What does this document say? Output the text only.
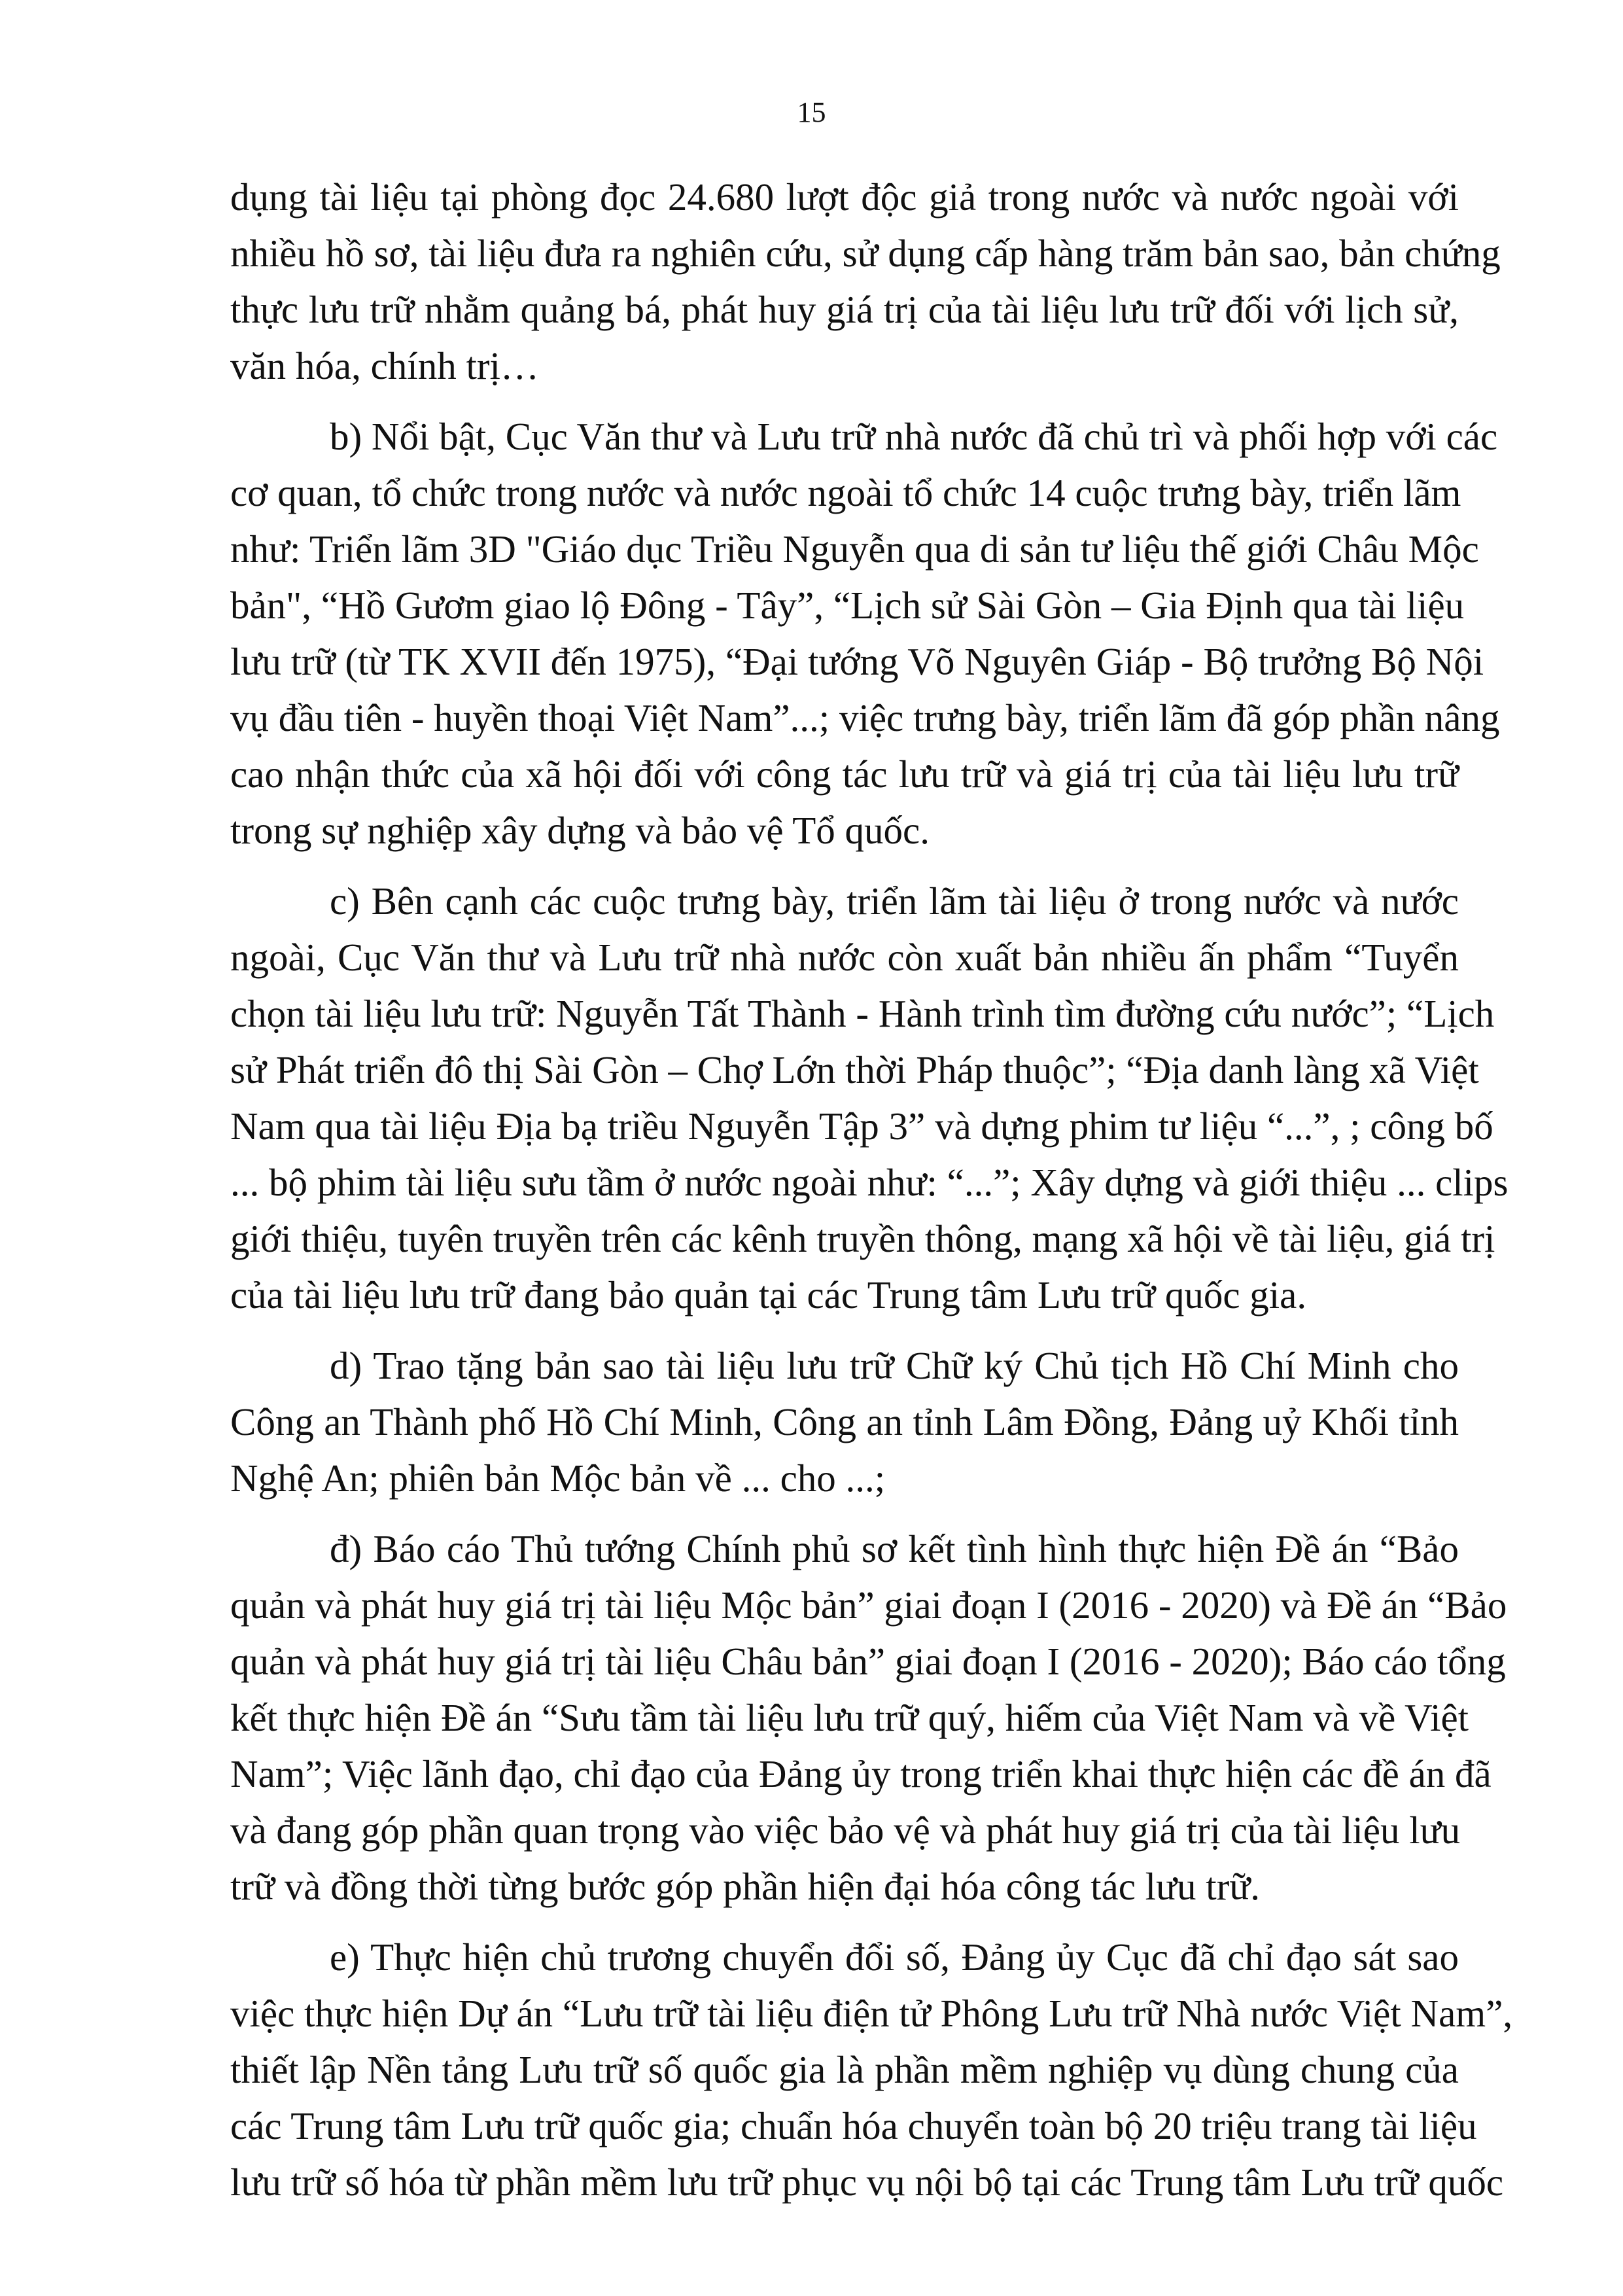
15
dụng tài liệu tại phòng đọc 24.680 lượt độc giả trong nước và nước ngoài với
nhiều hồ sơ, tài liệu đưa ra nghiên cứu, sử dụng cấp hàng trăm bản sao, bản chứng
thực lưu trữ nhằm quảng bá, phát huy giá trị của tài liệu lưu trữ đối với lịch sử,
văn hóa, chính trị…
b) Nổi bật, Cục Văn thư và Lưu trữ nhà nước đã chủ trì và phối hợp với các
cơ quan, tổ chức trong nước và nước ngoài tổ chức 14 cuộc trưng bày, triển lãm
như: Triển lãm 3D "Giáo dục Triều Nguyễn qua di sản tư liệu thế giới Châu Mộc
bản", “Hồ Gươm giao lộ Đông - Tây”, “Lịch sử Sài Gòn – Gia Định qua tài liệu
lưu trữ (từ TK XVII đến 1975), “Đại tướng Võ Nguyên Giáp - Bộ trưởng Bộ Nội
vụ đầu tiên - huyền thoại Việt Nam”...; việc trưng bày, triển lãm đã góp phần nâng
cao nhận thức của xã hội đối với công tác lưu trữ và giá trị của tài liệu lưu trữ
trong sự nghiệp xây dựng và bảo vệ Tổ quốc.
c) Bên cạnh các cuộc trưng bày, triển lãm tài liệu ở trong nước và nước
ngoài, Cục Văn thư và Lưu trữ nhà nước còn xuất bản nhiều ấn phẩm “Tuyển
chọn tài liệu lưu trữ: Nguyễn Tất Thành - Hành trình tìm đường cứu nước”; “Lịch
sử Phát triển đô thị Sài Gòn – Chợ Lớn thời Pháp thuộc”; “Địa danh làng xã Việt
Nam qua tài liệu Địa bạ triều Nguyễn Tập 3” và dựng phim tư liệu “...”, ; công bố
... bộ phim tài liệu sưu tầm ở nước ngoài như: “...”; Xây dựng và giới thiệu ... clips
giới thiệu, tuyên truyền trên các kênh truyền thông, mạng xã hội về tài liệu, giá trị
của tài liệu lưu trữ đang bảo quản tại các Trung tâm Lưu trữ quốc gia.
d) Trao tặng bản sao tài liệu lưu trữ Chữ ký Chủ tịch Hồ Chí Minh cho
Công an Thành phố Hồ Chí Minh, Công an tỉnh Lâm Đồng, Đảng uỷ Khối tỉnh
Nghệ An; phiên bản Mộc bản về ... cho ...;
đ) Báo cáo Thủ tướng Chính phủ sơ kết tình hình thực hiện Đề án “Bảo
quản và phát huy giá trị tài liệu Mộc bản” giai đoạn I (2016 - 2020) và Đề án “Bảo
quản và phát huy giá trị tài liệu Châu bản” giai đoạn I (2016 - 2020); Báo cáo tổng
kết thực hiện Đề án “Sưu tầm tài liệu lưu trữ quý, hiếm của Việt Nam và về Việt
Nam”; Việc lãnh đạo, chỉ đạo của Đảng ủy trong triển khai thực hiện các đề án đã
và đang góp phần quan trọng vào việc bảo vệ và phát huy giá trị của tài liệu lưu
trữ và đồng thời từng bước góp phần hiện đại hóa công tác lưu trữ.
e) Thực hiện chủ trương chuyển đổi số, Đảng ủy Cục đã chỉ đạo sát sao
việc thực hiện Dự án “Lưu trữ tài liệu điện tử Phông Lưu trữ Nhà nước Việt Nam”,
thiết lập Nền tảng Lưu trữ số quốc gia là phần mềm nghiệp vụ dùng chung của
các Trung tâm Lưu trữ quốc gia; chuẩn hóa chuyển toàn bộ 20 triệu trang tài liệu
lưu trữ số hóa từ phần mềm lưu trữ phục vụ nội bộ tại các Trung tâm Lưu trữ quốc
